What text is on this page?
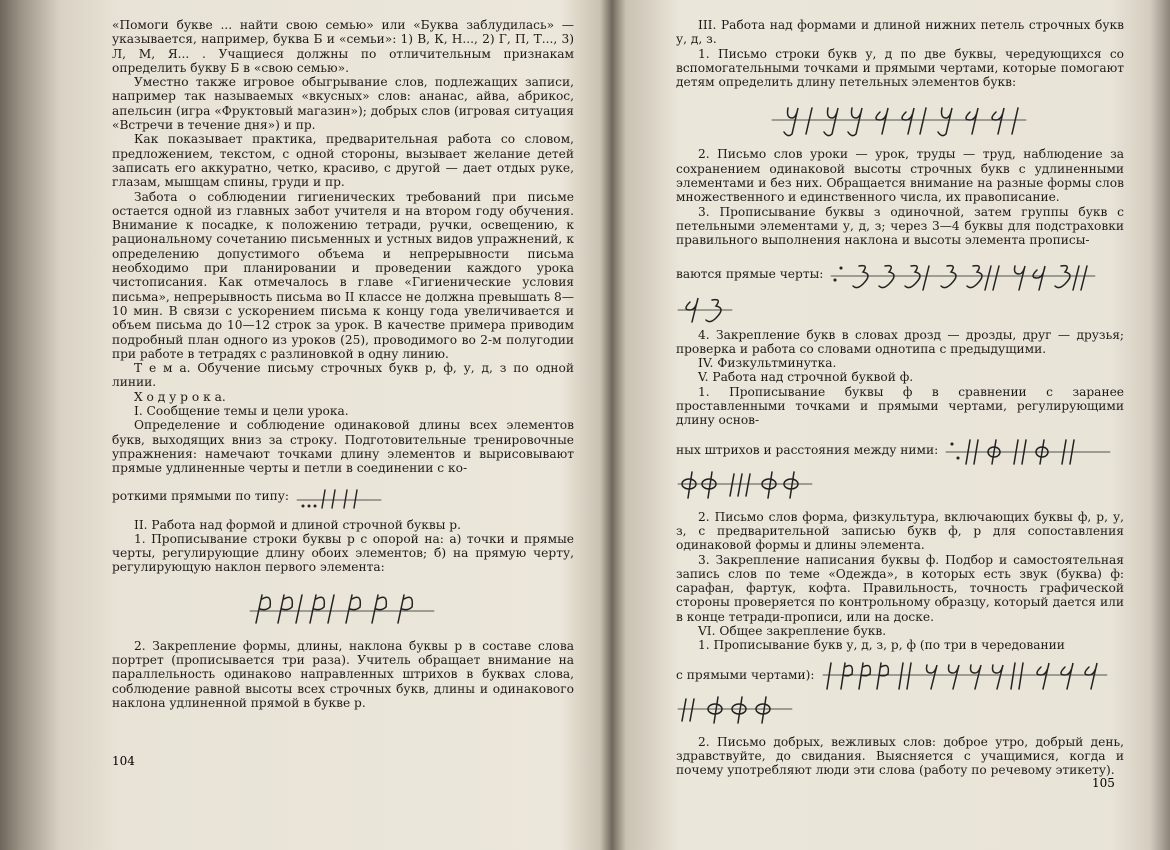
«Помоги букве ... найти свою семью» или «Буква заблудилась» — указывается, например, буква Б и «семьи»: 1) В, К, Н..., 2) Г, П, Т..., 3) Л, М, Я... . Учащиеся должны по отличительным признакам определить букву Б в «свою семью».

Уместно также игровое обыгрывание слов, подлежащих записи, например так называемых «вкусных» слов: ананас, айва, абрикос, апельсин (игра «Фруктовый магазин»); добрых слов (игровая ситуация «Встречи в течение дня») и пр.

Как показывает практика, предварительная работа со словом, предложением, текстом, с одной стороны, вызывает желание детей записать его аккуратно, четко, красиво, с другой — дает отдых руке, глазам, мышцам спины, груди и пр.

Забота о соблюдении гигиенических требований при письме остается одной из главных забот учителя и на втором году обучения. Внимание к посадке, к положению тетради, ручки, освещению, к рациональному сочетанию письменных и устных видов упражнений, к определению допустимого объема и непрерывности письма необходимо при планировании и проведении каждого урока чистописания. Как отмечалось в главе «Гигиенические условия письма», непрерывность письма во II классе не должна превышать 8—10 мин. В связи с ускорением письма к концу года увеличивается и объем письма до 10—12 строк за урок. В качестве примера приводим подробный план одного из уроков (25), проводимого во 2-м полугодии при работе в тетрадях с разлиновкой в одну линию.

Т е м а. Обучение письму строчных букв р, ф, у, д, з по одной линии.

Х о д у р о к а.

I. Сообщение темы и цели урока.

Определение и соблюдение одинаковой длины всех элементов букв, выходящих вниз за строку. Подготовительные тренировочные упражнения: намечают точками длину элементов и вырисовывают прямые удлиненные черты и петли в соединении с ко-

роткими прямыми по типу:

II. Работа над формой и длиной строчной буквы р.

1. Прописывание строки буквы р с опорой на: а) точки и прямые черты, регулирующие длину обоих элементов; б) на прямую черту, регулирующую наклон первого элемента:

2. Закрепление формы, длины, наклона буквы р в составе слова портрет (прописывается три раза). Учитель обращает внимание на параллельность одинаково направленных штрихов в буквах слова, соблюдение равной высоты всех строчных букв, длины и одинакового наклона удлиненной прямой в букве р.

104

III. Работа над формами и длиной нижних петель строчных букв у, д, з.

1. Письмо строки букв у, д по две буквы, чередующихся со вспомогательными точками и прямыми чертами, которые помогают детям определить длину петельных элементов букв:

2. Письмо слов уроки — урок, труды — труд, наблюдение за сохранением одинаковой высоты строчных букв с удлиненными элементами и без них. Обращается внимание на разные формы слов множественного и единственного числа, их правописание.

3. Прописывание буквы з одиночной, затем группы букв с петельными элементами у, д, з; через 3—4 буквы для подстраховки правильного выполнения наклона и высоты элемента прописы-

ваются прямые черты:

4. Закрепление букв в словах дрозд — дрозды, друг — друзья; проверка и работа со словами однотипа с предыдущими.

IV. Физкультминутка.

V. Работа над строчной буквой ф.

1. Прописывание буквы ф в сравнении с заранее проставленными точками и прямыми чертами, регулирующими длину основ-

ных штрихов и расстояния между ними:

2. Письмо слов форма, физкультура, включающих буквы ф, р, у, з, с предварительной записью букв ф, р для сопоставления одинаковой формы и длины элемента.

3. Закрепление написания буквы ф. Подбор и самостоятельная запись слов по теме «Одежда», в которых есть звук (буква) ф: сарафан, фартук, кофта. Правильность, точность графической стороны проверяется по контрольному образцу, который дается или в конце тетради-прописи, или на доске.

VI. Общее закрепление букв.

1. Прописывание букв у, д, з, р, ф (по три в чередовании

с прямыми чертами):

2. Письмо добрых, вежливых слов: доброе утро, добрый день, здравствуйте, до свидания. Выясняется с учащимися, когда и почему употребляют люди эти слова (работу по речевому этикету).

105
